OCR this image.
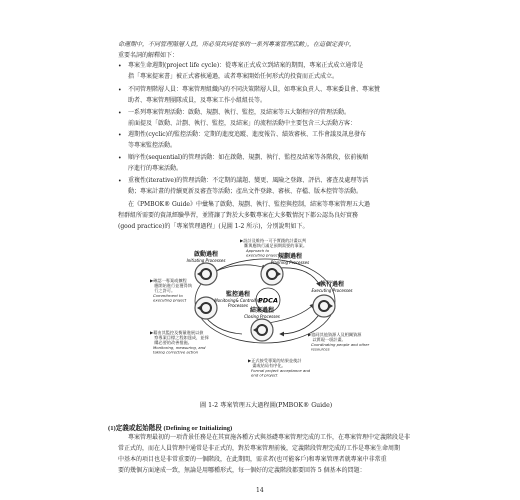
命週期中，不同管理階層人員，所必須共同從事的一系列專案管理活動」，在這個定義中，
重要名詞的解釋如下：
• 專案生命週期(project life cycle)：從專案正式成立到結案的期間，專案正式成立通常是
指「專案提案書」被正式審核通過，或者專案開始任何形式的投資而正式成立。
• 不同管理階層人員：專案管理組織內的不同決策階層人員，如專案負責人、專案委員會、專案贊
助者、專案管理團隊成員，及專案工作小組組長等。
• 一系列專案管理活動：啟動、規劃、執行、監控，及結案等五大類程序的管理活動。
前面提及「啟動、計劃、執行、監控，及結案」的流程活動中主要包含三大活動方客：
• 週期性(cyclic)的監控活動：定期的進度追蹤、進度報告、績效審核、工作會議及訊息發布
等專案監控活動。
• 順序性(sequential)的管理活動：如在啟動、規劃、執行、監控及結案等各階段，依前後順
序進行的專案活動。
• 重複性(iterative)的管理活動：不定期的議題、變更、風險之登錄、評估、審查及處理等活
動；專案計畫的持續更新及審查等活動；產出文件登錄、審核、存檔、版本控管等活動。
在《PMBOK® Guide》中彙集了啟動、規劃、執行、監控與控制，結案等專案管理五大過
程群組所需要的資訊經驗學習，並將讓了對於大多數專案在大多數情況下都公認為良好實務
(good practice)的「專案管理過程」(見圖 1-2 所示)，分別說明如下。
PDCA
啟動過程
Initiating Processes
規劃過程
Planning Processes
監控過程
Monitoring& Controlling
Processes
執行過程
Executing Processes
結案過程
Closing Processes
▶設計及維持一可予實踐的計畫以判
　斷與應執行滿足預期需要的事案。
Approach to
executing project
▶確認一專案或擴程
　應開始進行並獲得執
　行之許可。
Commitment to
executing project
▶藉由其監控及衡量進展以偵
　察專案目標之程如達成，並採
　購必要的改善措施。
Monitoring, measuring, and
taking corrective action
▶協同其他資源人及相關資源
　以實現一項計畫。
Coordinating people and other
resources
▶正式接受專案的結果並使計
　畫或結局有序化。
Formal project acceptance and
end of project
圖 1-2 專案管理五大過程圖(PMBOK® Guide)
(1)定義或起始階段 (Defining or Initializing)
專案管理最初的一項背景任務是在其實施各種方式與基礎專案管理完成的工作，在專案管理中定義階段是非
常正式的，而在人員管理中通常是非正式的，對於專案管理前後，定義階段管理完成的工作是專案生命周期
中基本的項目也是非常重要的一個階段，在此期間，需求者(也可能客戶)和專案管理者就專案中非常重
要的幾個方面達成一致，無論是用哪種形式，每一個好的定義階段都要回答 5 個基本的問題：
14
